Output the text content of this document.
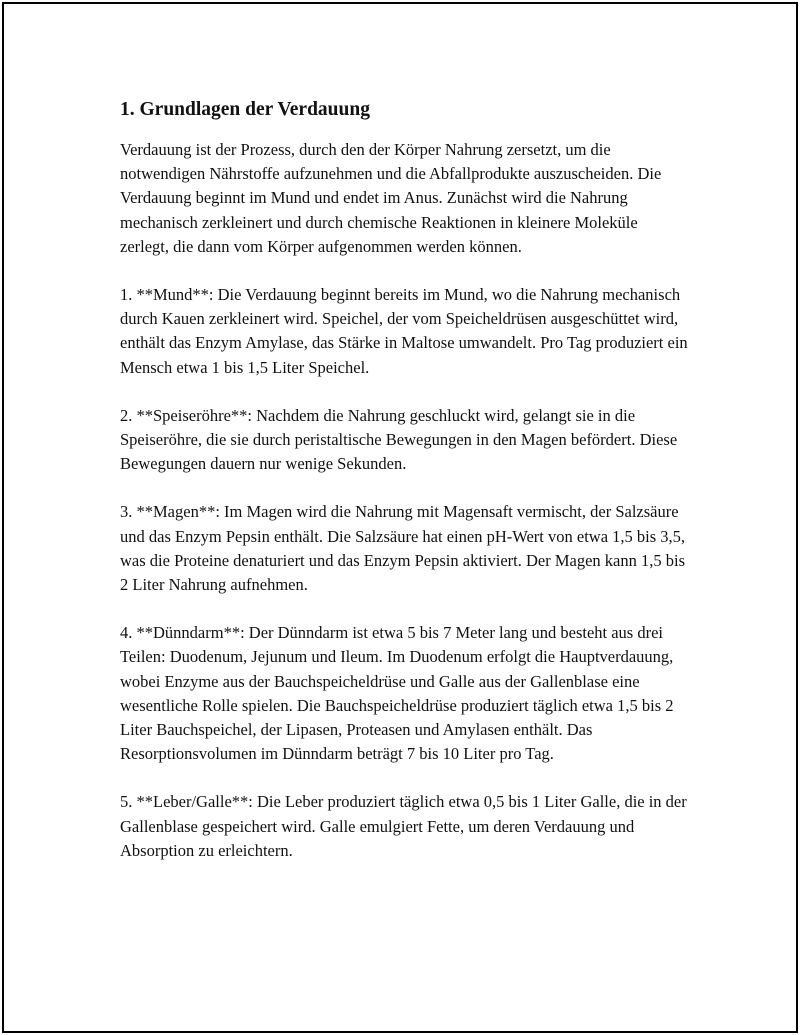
1. Grundlagen der Verdauung

Verdauung ist der Prozess, durch den der Körper Nahrung zersetzt, um die notwendigen Nährstoffe aufzunehmen und die Abfallprodukte auszuscheiden. Die Verdauung beginnt im Mund und endet im Anus. Zunächst wird die Nahrung mechanisch zerkleinert und durch chemische Reaktionen in kleinere Moleküle zerlegt, die dann vom Körper aufgenommen werden können.

1. **Mund**: Die Verdauung beginnt bereits im Mund, wo die Nahrung mechanisch durch Kauen zerkleinert wird. Speichel, der vom Speicheldrüsen ausgeschüttet wird, enthält das Enzym Amylase, das Stärke in Maltose umwandelt. Pro Tag produziert ein Mensch etwa 1 bis 1,5 Liter Speichel.

2. **Speiseröhre**: Nachdem die Nahrung geschluckt wird, gelangt sie in die Speiseröhre, die sie durch peristaltische Bewegungen in den Magen befördert. Diese Bewegungen dauern nur wenige Sekunden.

3. **Magen**: Im Magen wird die Nahrung mit Magensaft vermischt, der Salzsäure und das Enzym Pepsin enthält. Die Salzsäure hat einen pH-Wert von etwa 1,5 bis 3,5, was die Proteine denaturiert und das Enzym Pepsin aktiviert. Der Magen kann 1,5 bis 2 Liter Nahrung aufnehmen.

4. **Dünndarm**: Der Dünndarm ist etwa 5 bis 7 Meter lang und besteht aus drei Teilen: Duodenum, Jejunum und Ileum. Im Duodenum erfolgt die Hauptverdauung, wobei Enzyme aus der Bauchspeicheldrüse und Galle aus der Gallenblase eine wesentliche Rolle spielen. Die Bauchspeicheldrüse produziert täglich etwa 1,5 bis 2 Liter Bauchspeichel, der Lipasen, Proteasen und Amylasen enthält. Das Resorptionsvolumen im Dünndarm beträgt 7 bis 10 Liter pro Tag.

5. **Leber/Galle**: Die Leber produziert täglich etwa 0,5 bis 1 Liter Galle, die in der Gallenblase gespeichert wird. Galle emulgiert Fette, um deren Verdauung und Absorption zu erleichtern.
